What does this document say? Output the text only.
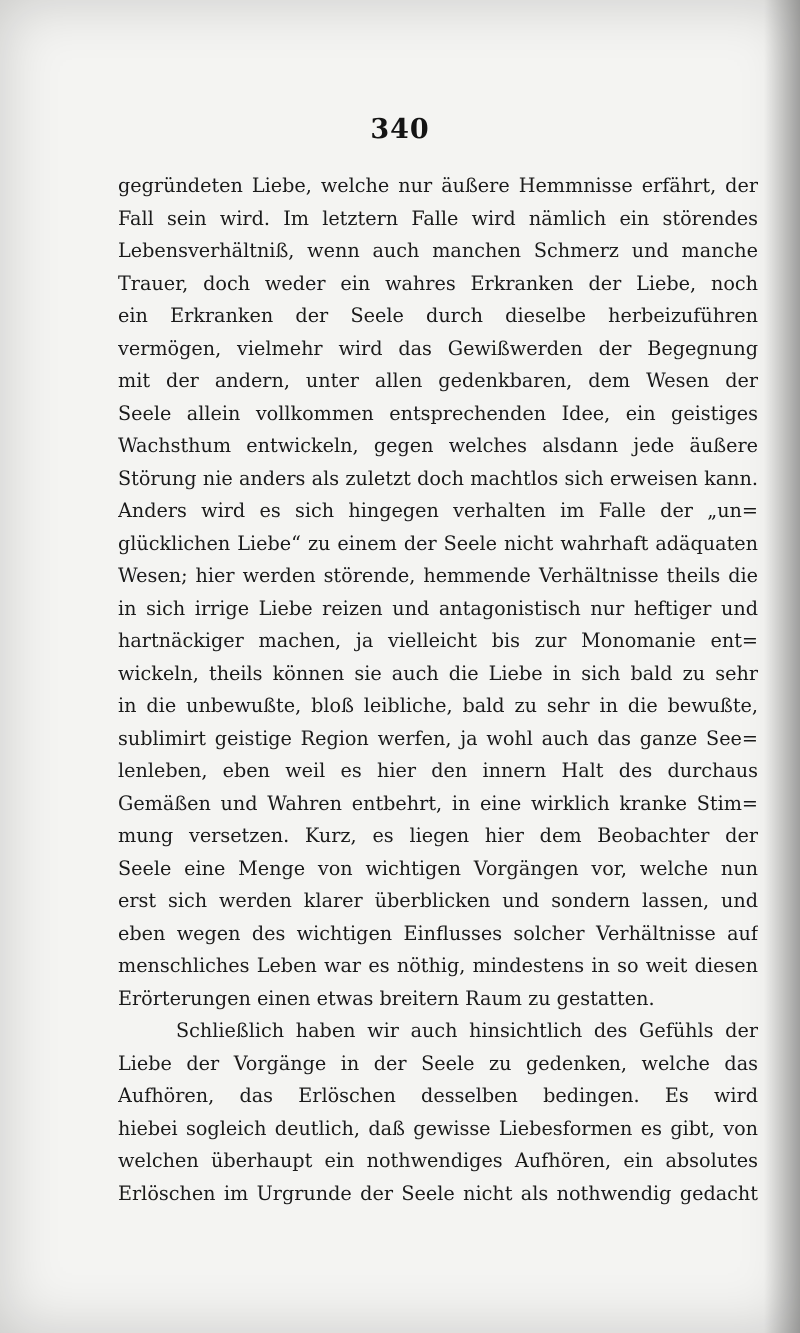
340
gegründeten Liebe, welche nur äußere Hemmnisse erfährt, der
Fall sein wird. Im letztern Falle wird nämlich ein störendes
Lebensverhältniß, wenn auch manchen Schmerz und manche
Trauer, doch weder ein wahres Erkranken der Liebe, noch
ein Erkranken der Seele durch dieselbe herbeizuführen
vermögen, vielmehr wird das Gewißwerden der Begegnung
mit der andern, unter allen gedenkbaren, dem Wesen der
Seele allein vollkommen entsprechenden Idee, ein geistiges
Wachsthum entwickeln, gegen welches alsdann jede äußere
Störung nie anders als zuletzt doch machtlos sich erweisen kann.
Anders wird es sich hingegen verhalten im Falle der „un=
glücklichen Liebe“ zu einem der Seele nicht wahrhaft adäquaten
Wesen; hier werden störende, hemmende Verhältnisse theils die
in sich irrige Liebe reizen und antagonistisch nur heftiger und
hartnäckiger machen, ja vielleicht bis zur Monomanie ent=
wickeln, theils können sie auch die Liebe in sich bald zu sehr
in die unbewußte, bloß leibliche, bald zu sehr in die bewußte,
sublimirt geistige Region werfen, ja wohl auch das ganze See=
lenleben, eben weil es hier den innern Halt des durchaus
Gemäßen und Wahren entbehrt, in eine wirklich kranke Stim=
mung versetzen. Kurz, es liegen hier dem Beobachter der
Seele eine Menge von wichtigen Vorgängen vor, welche nun
erst sich werden klarer überblicken und sondern lassen, und
eben wegen des wichtigen Einflusses solcher Verhältnisse auf
menschliches Leben war es nöthig, mindestens in so weit diesen
Erörterungen einen etwas breitern Raum zu gestatten.
Schließlich haben wir auch hinsichtlich des Gefühls der
Liebe der Vorgänge in der Seele zu gedenken, welche das
Aufhören, das Erlöschen desselben bedingen. Es wird
hiebei sogleich deutlich, daß gewisse Liebesformen es gibt, von
welchen überhaupt ein nothwendiges Aufhören, ein absolutes
Erlöschen im Urgrunde der Seele nicht als nothwendig gedacht
